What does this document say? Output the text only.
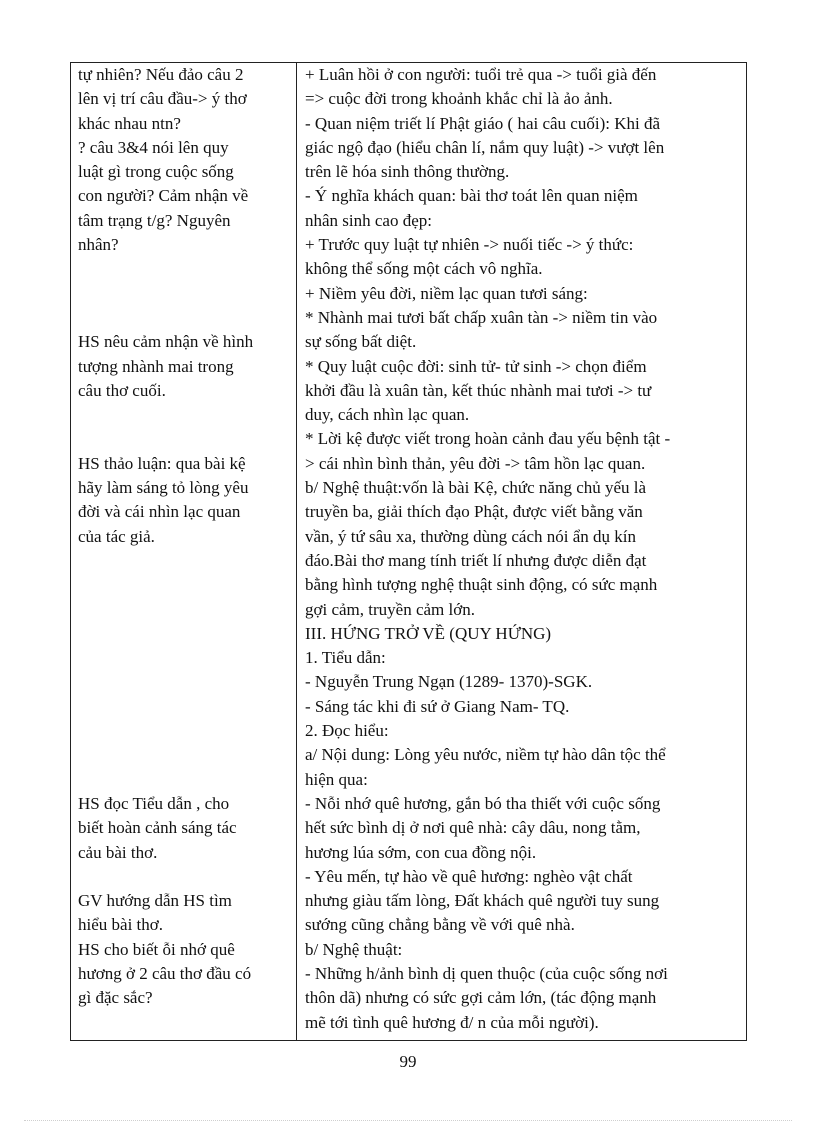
tự nhiên? Nếu đảo câu 2
lên vị trí câu đầu-> ý thơ
khác nhau ntn?
? câu 3&4 nói lên quy
luật gì trong cuộc sống
con người? Cảm nhận về
tâm trạng t/g? Nguyên
nhân?
HS nêu cảm nhận về hình
tượng nhành mai trong
câu thơ cuối.
HS thảo luận: qua bài kệ
hãy làm sáng tỏ lòng yêu
đời và cái nhìn lạc quan
của tác giả.
HS đọc Tiểu dẫn , cho
biết hoàn cảnh sáng tác
cảu bài thơ.
GV hướng dẫn HS tìm
hiểu bài thơ.
HS cho biết ỗi nhớ quê
hương ở 2 câu thơ đầu có
gì đặc sắc?
+ Luân hồi ở con người: tuổi trẻ qua -> tuổi già đến
=> cuộc đời trong khoảnh khắc chỉ là ảo ảnh.
- Quan niệm triết lí Phật giáo ( hai câu cuối): Khi đã
giác ngộ đạo (hiểu chân lí, nắm quy luật) -> vượt lên
trên lẽ hóa sinh thông thường.
- Ý nghĩa khách quan: bài thơ toát lên quan niệm
nhân sinh cao đẹp:
+ Trước quy luật tự nhiên -> nuối tiếc -> ý thức:
không thể sống một cách vô nghĩa.
+ Niềm yêu đời, niềm lạc quan tươi sáng:
* Nhành mai tươi bất chấp xuân tàn -> niềm tin vào
sự sống bất diệt.
* Quy luật cuộc đời: sinh tử- tử sinh -> chọn điểm
khởi đầu là xuân tàn, kết thúc nhành mai tươi -> tư
duy, cách nhìn lạc quan.
* Lời kệ được viết trong hoàn cảnh đau yếu bệnh tật -
> cái nhìn bình thản, yêu đời -> tâm hồn lạc quan.
b/ Nghệ thuật:vốn là bài Kệ, chức năng chủ yếu là
truyền ba, giải thích đạo Phật, được viết bằng văn
vần, ý tứ sâu xa, thường dùng cách nói ẩn dụ kín
đáo.Bài thơ mang tính triết lí nhưng được diễn đạt
bằng hình tượng nghệ thuật sinh động, có sức mạnh
gợi cảm, truyền cảm lớn.
III. HỨNG TRỞ VỀ (QUY HỨNG)
1. Tiểu dẫn:
- Nguyễn Trung Ngạn (1289- 1370)-SGK.
- Sáng tác khi đi sứ ở Giang Nam- TQ.
2. Đọc hiểu:
a/ Nội dung: Lòng yêu nước, niềm tự hào dân tộc thể
hiện qua:
- Nỗi nhớ quê hương, gắn bó tha thiết với cuộc sống
hết sức bình dị ở nơi quê nhà: cây dâu, nong tằm,
hương lúa sớm, con cua đồng nội.
- Yêu mến, tự hào về quê hương: nghèo vật chất
nhưng giàu tấm lòng, Đất khách quê người tuy sung
sướng cũng chẳng bằng về với quê nhà.
b/ Nghệ thuật:
- Những h/ảnh bình dị quen thuộc (của cuộc sống nơi
thôn dã) nhưng có sức gợi cảm lớn, (tác động mạnh
mẽ tới tình quê hương đ/ n của mỗi người).
99
